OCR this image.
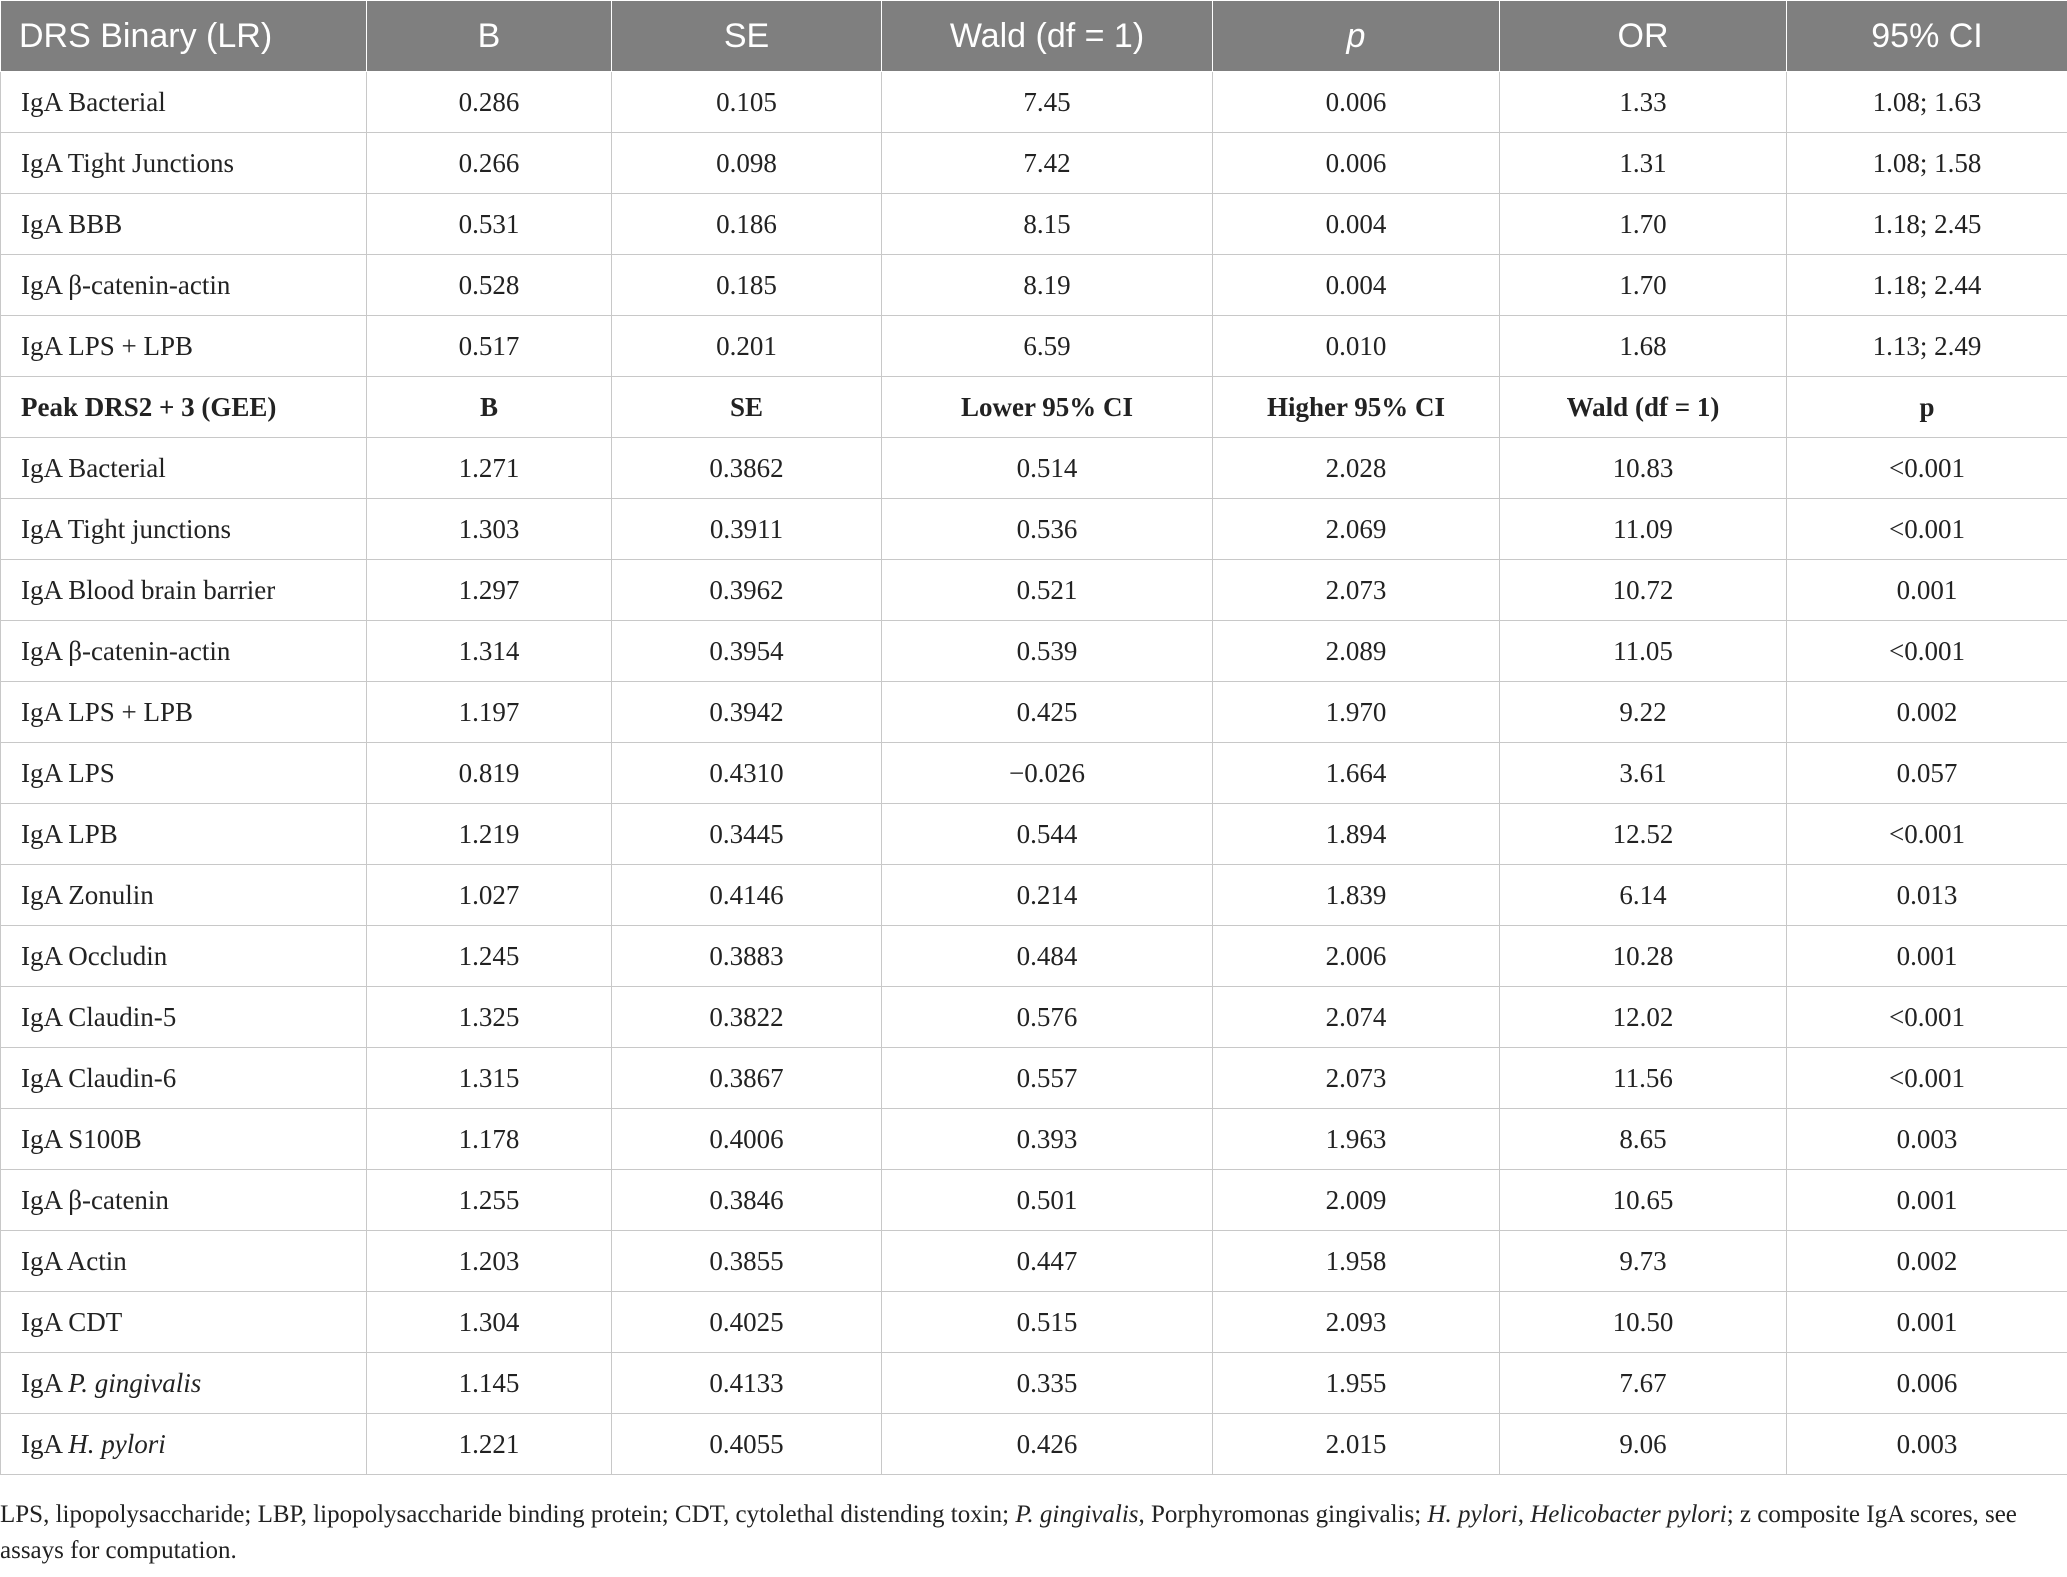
DRS Binary (LR)	B	SE	Wald (df = 1)	p	OR	95% CI
IgA Bacterial	0.286	0.105	7.45	0.006	1.33	1.08; 1.63
IgA Tight Junctions	0.266	0.098	7.42	0.006	1.31	1.08; 1.58
IgA BBB	0.531	0.186	8.15	0.004	1.70	1.18; 2.45
IgA β-catenin-actin	0.528	0.185	8.19	0.004	1.70	1.18; 2.44
IgA LPS + LPB	0.517	0.201	6.59	0.010	1.68	1.13; 2.49
Peak DRS2 + 3 (GEE)	B	SE	Lower 95% CI	Higher 95% CI	Wald (df = 1)	p
IgA Bacterial	1.271	0.3862	0.514	2.028	10.83	<0.001
IgA Tight junctions	1.303	0.3911	0.536	2.069	11.09	<0.001
IgA Blood brain barrier	1.297	0.3962	0.521	2.073	10.72	0.001
IgA β-catenin-actin	1.314	0.3954	0.539	2.089	11.05	<0.001
IgA LPS + LPB	1.197	0.3942	0.425	1.970	9.22	0.002
IgA LPS	0.819	0.4310	−0.026	1.664	3.61	0.057
IgA LPB	1.219	0.3445	0.544	1.894	12.52	<0.001
IgA Zonulin	1.027	0.4146	0.214	1.839	6.14	0.013
IgA Occludin	1.245	0.3883	0.484	2.006	10.28	0.001
IgA Claudin-5	1.325	0.3822	0.576	2.074	12.02	<0.001
IgA Claudin-6	1.315	0.3867	0.557	2.073	11.56	<0.001
IgA S100B	1.178	0.4006	0.393	1.963	8.65	0.003
IgA β-catenin	1.255	0.3846	0.501	2.009	10.65	0.001
IgA Actin	1.203	0.3855	0.447	1.958	9.73	0.002
IgA CDT	1.304	0.4025	0.515	2.093	10.50	0.001
IgA P. gingivalis	1.145	0.4133	0.335	1.955	7.67	0.006
IgA H. pylori	1.221	0.4055	0.426	2.015	9.06	0.003
LPS, lipopolysaccharide; LBP, lipopolysaccharide binding protein; CDT, cytolethal distending toxin; P. gingivalis, Porphyromonas gingivalis; H. pylori, Helicobacter pylori; z composite IgA scores, see assays for computation.
